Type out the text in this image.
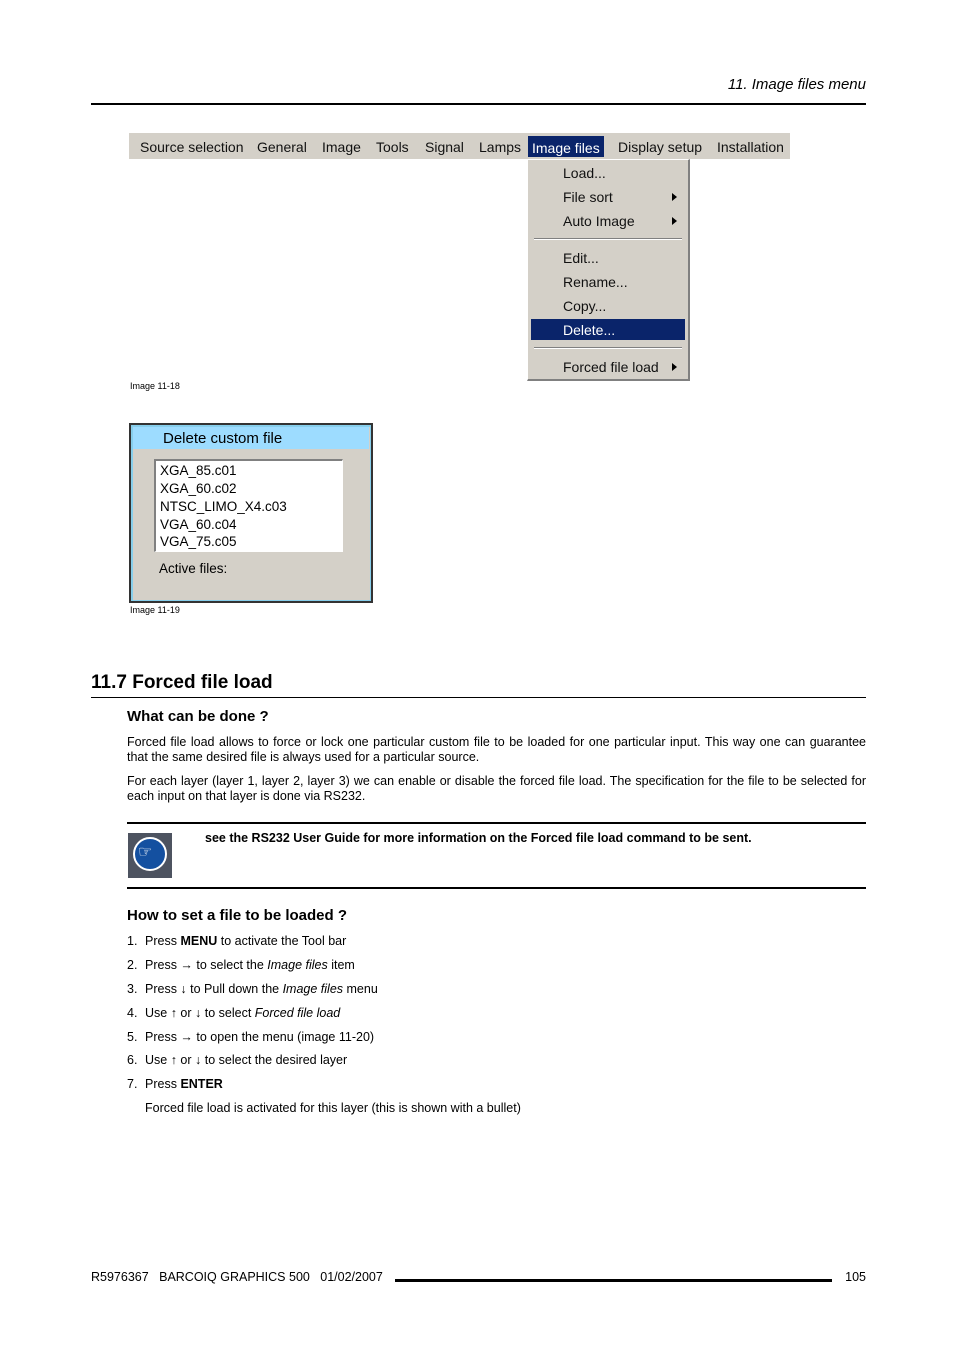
11. Image files menu
Source selection General Image Tools Signal Lamps Image files Display setup Installation
Load...
File sort
Auto Image
Edit...
Rename...
Copy...
Delete...
Forced file load
Image 11-18
Delete custom file
XGA_85.c01
XGA_60.c02
NTSC_LIMO_X4.c03
VGA_60.c04
VGA_75.c05
Active files:
Image 11-19
11.7 Forced file load
What can be done ?
Forced file load allows to force or lock one particular custom file to be loaded for one particular input. This way one can guarantee that the same desired file is always used for a particular source.
For each layer (layer 1, layer 2, layer 3) we can enable or disable the forced file load. The specification for the file to be selected for each input on that layer is done via RS232.
☞
see the RS232 User Guide for more information on the Forced file load command to be sent.
How to set a file to be loaded ?
1. Press MENU to activate the Tool bar
2. Press → to select the Image files item
3. Press ↓ to Pull down the Image files menu
4. Use ↑ or ↓ to select Forced file load
5. Press → to open the menu (image 11-20)
6. Use ↑ or ↓ to select the desired layer
7. Press ENTER
Forced file load is activated for this layer (this is shown with a bullet)
R5976367   BARCOIQ GRAPHICS 500   01/02/2007	105
